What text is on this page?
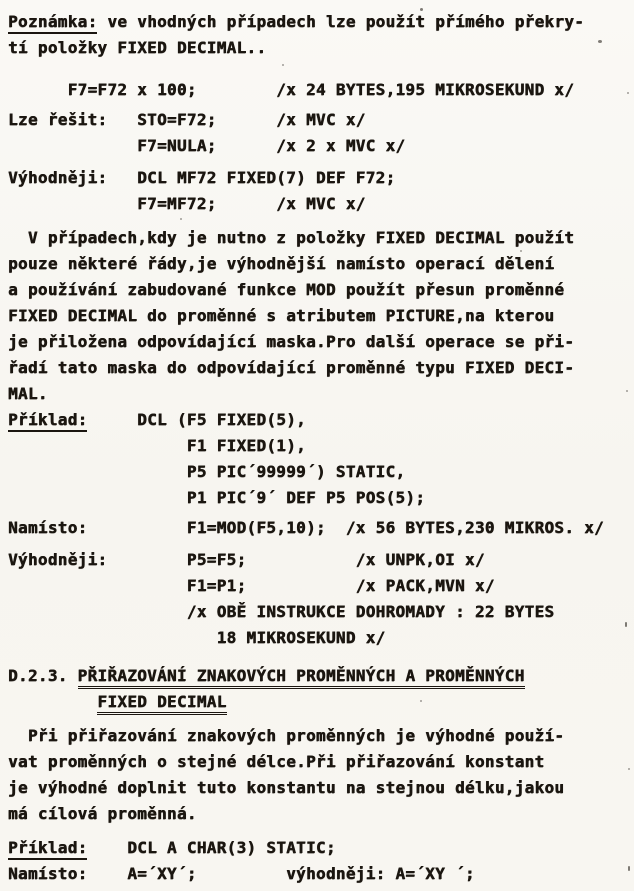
Poznámka: ve vhodných případech lze použít přímého překry-
tí položky FIXED DECIMAL..
F7=F72 x 100;        /x 24 BYTES,195 MIKROSEKUND x/
Lze řešit:   STO=F72;      /x MVC x/
F7=NULA;      /x 2 x MVC x/
Výhodněji:   DCL MF72 FIXED(7) DEF F72;
F7=MF72;      /x MVC x/
V případech,kdy je nutno z položky FIXED DECIMAL použít
pouze některé řády,je výhodnější namísto operací dělení
a používání zabudované funkce MOD použít přesun proměnné
FIXED DECIMAL do proměnné s atributem PICTURE,na kterou
je přiložena odpovídající maska.Pro další operace se při-
řadí tato maska do odpovídající proměnné typu FIXED DECI-
MAL.
Příklad:     DCL (F5 FIXED(5),
F1 FIXED(1),
P5 PIC´99999´) STATIC,
P1 PIC´9´ DEF P5 POS(5);
Namísto:          F1=MOD(F5,10);  /x 56 BYTES,230 MIKROS. x/
Výhodněji:        P5=F5;           /x UNPK,OI x/
F1=P1;           /x PACK,MVN x/
/x OBĚ INSTRUKCE DOHROMADY : 22 BYTES
18 MIKROSEKUND x/
D.2.3. PŘIŘAZOVÁNÍ ZNAKOVÝCH PROMĚNNÝCH A PROMĚNNÝCH
FIXED DECIMAL
Při přiřazování znakových proměnných je výhodné použí-
vat proměnných o stejné délce.Při přiřazování konstant
je výhodné doplnit tuto konstantu na stejnou délku,jakou
má cílová proměnná.
Příklad:    DCL A CHAR(3) STATIC;
Namísto:    A=´XY´;         výhodněji: A=´XY ´;
